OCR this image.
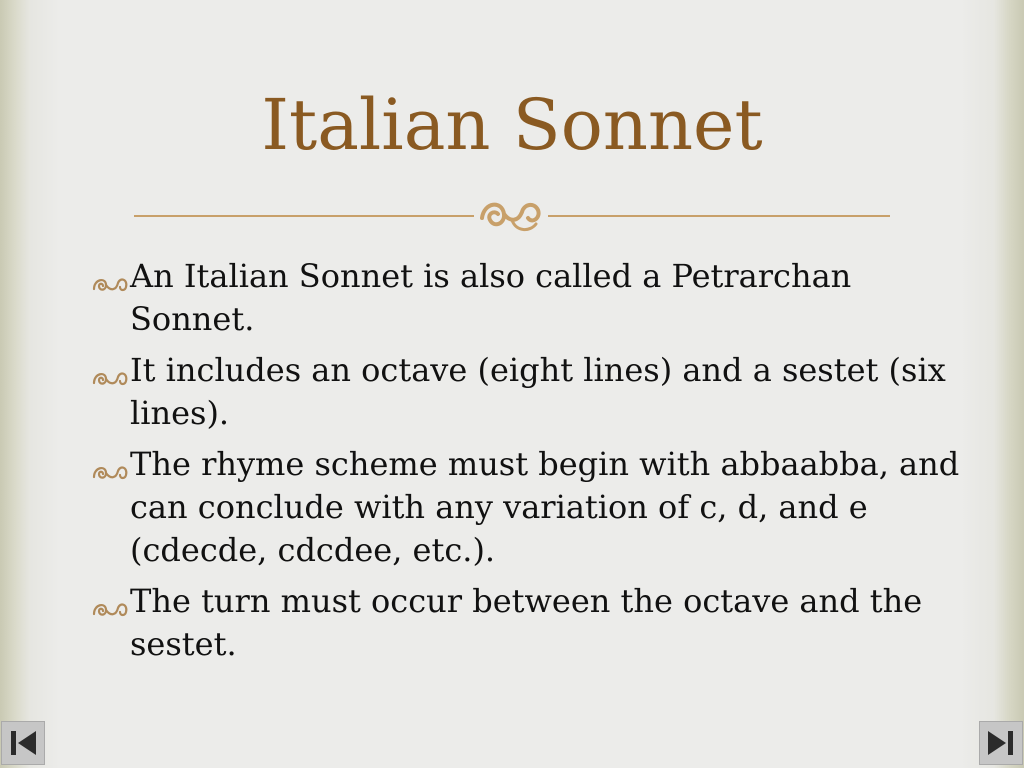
Italian Sonnet
An Italian Sonnet is also called a Petrarchan Sonnet.
It includes an octave (eight lines) and a sestet (six lines).
The rhyme scheme must begin with abbaabba, and can conclude with any variation of c, d, and e (cdecde, cdcdee, etc.).
The turn must occur between the octave and the sestet.
